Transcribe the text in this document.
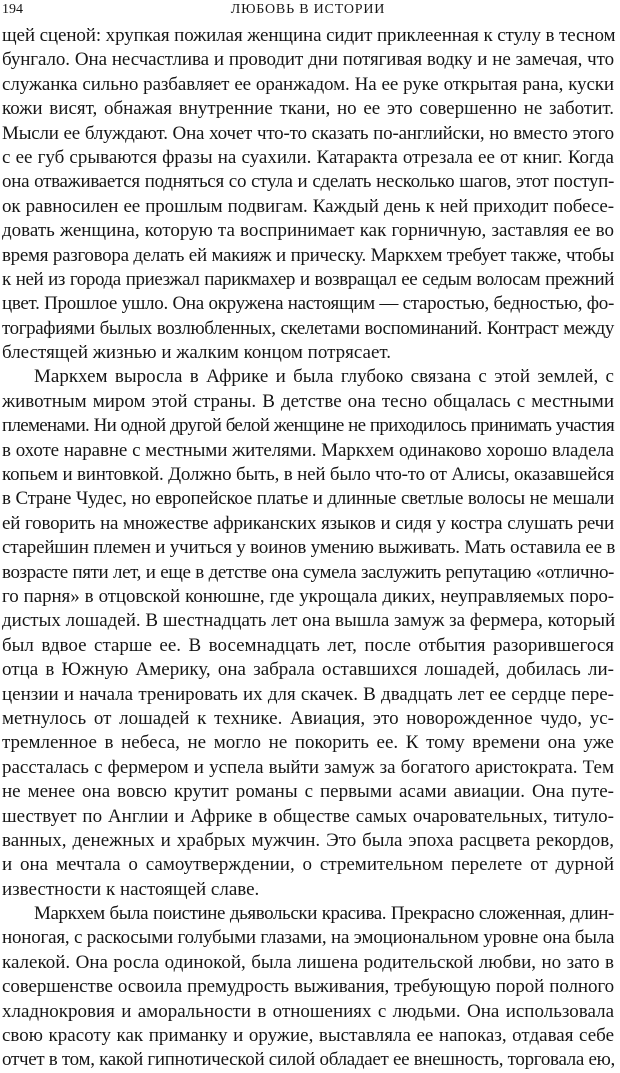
194	ЛЮБОВЬ В ИСТОРИИ
щей сценой: хрупкая пожилая женщина сидит приклеенная к стулу в тесном
бунгало. Она несчастлива и проводит дни потягивая водку и не замечая, что
служанка сильно разбавляет ее оранжадом. На ее руке открытая рана, куски
кожи висят, обнажая внутренние ткани, но ее это совершенно не заботит.
Мысли ее блуждают. Она хочет что-то сказать по-английски, но вместо этого
с ее губ срываются фразы на суахили. Катаракта отрезала ее от книг. Когда
она отваживается подняться со стула и сделать несколько шагов, этот поступ-
ок равносилен ее прошлым подвигам. Каждый день к ней приходит побесе-
довать женщина, которую та воспринимает как горничную, заставляя ее во
время разговора делать ей макияж и прическу. Маркхем требует также, чтобы
к ней из города приезжал парикмахер и возвращал ее седым волосам прежний
цвет. Прошлое ушло. Она окружена настоящим — старостью, бедностью, фо-
тографиями былых возлюбленных, скелетами воспоминаний. Контраст между
блестящей жизнью и жалким концом потрясает.
Маркхем выросла в Африке и была глубоко связана с этой землей, с
животным миром этой страны. В детстве она тесно общалась с местными
племенами. Ни одной другой белой женщине не приходилось принимать участия
в охоте наравне с местными жителями. Маркхем одинаково хорошо владела
копьем и винтовкой. Должно быть, в ней было что-то от Алисы, оказавшейся
в Стране Чудес, но европейское платье и длинные светлые волосы не мешали
ей говорить на множестве африканских языков и сидя у костра слушать речи
старейшин племен и учиться у воинов умению выживать. Мать оставила ее в
возрасте пяти лет, и еще в детстве она сумела заслужить репутацию «отлично-
го парня» в отцовской конюшне, где укрощала диких, неуправляемых поро-
дистых лошадей. В шестнадцать лет она вышла замуж за фермера, который
был вдвое старше ее. В восемнадцать лет, после отбытия разорившегося
отца в Южную Америку, она забрала оставшихся лошадей, добилась ли-
цензии и начала тренировать их для скачек. В двадцать лет ее сердце пере-
метнулось от лошадей к технике. Авиация, это новорожденное чудо, ус-
тремленное в небеса, не могло не покорить ее. К тому времени она уже
рассталась с фермером и успела выйти замуж за богатого аристократа. Тем
не менее она вовсю крутит романы с первыми асами авиации. Она путе-
шествует по Англии и Африке в обществе самых очаровательных, титуло-
ванных, денежных и храбрых мужчин. Это была эпоха расцвета рекордов,
и она мечтала о самоутверждении, о стремительном перелете от дурной
известности к настоящей славе.
Маркхем была поистине дьявольски красива. Прекрасно сложенная, длин-
ноногая, с раскосыми голубыми глазами, на эмоциональном уровне она была
калекой. Она росла одинокой, была лишена родительской любви, но зато в
совершенстве освоила премудрость выживания, требующую порой полного
хладнокровия и аморальности в отношениях с людьми. Она использовала
свою красоту как приманку и оружие, выставляла ее напоказ, отдавая себе
отчет в том, какой гипнотической силой обладает ее внешность, торговала ею,
